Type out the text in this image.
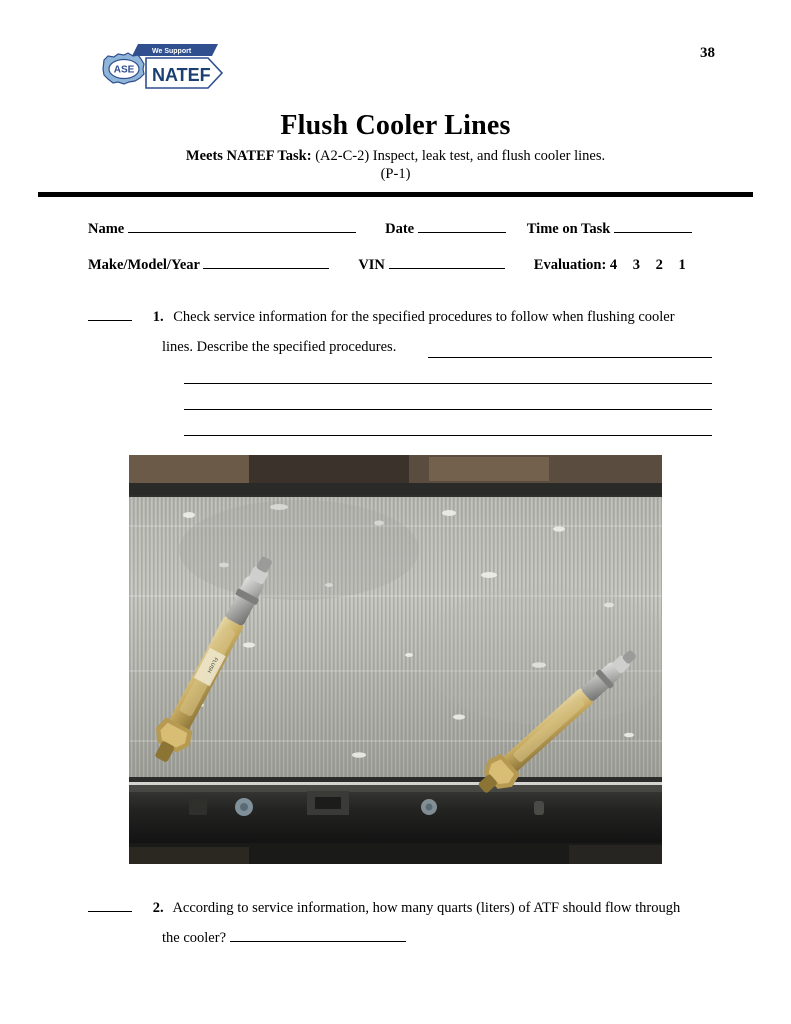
38
We Support
ASE NATEF
Flush Cooler Lines
Meets NATEF Task: (A2-C-2) Inspect, leak test, and flush cooler lines.
(P-1)
Name	Date	Time on Task
Make/Model/Year	VIN	Evaluation: 4 3 2 1
1. Check service information for the specified procedures to follow when flushing cooler
lines. Describe the specified procedures.
FLUSH
2. According to service information, how many quarts (liters) of ATF should flow through
the cooler?
